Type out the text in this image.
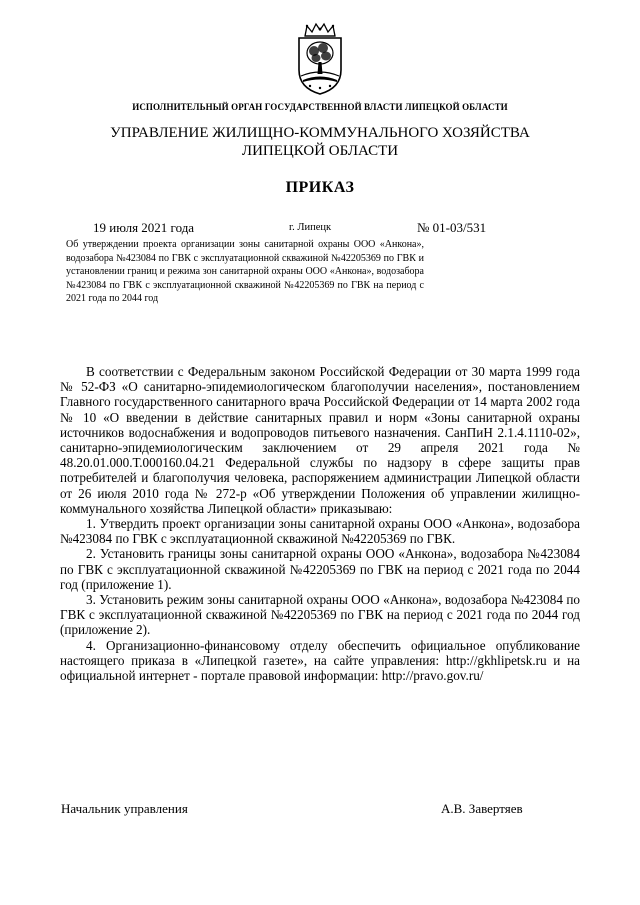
ИСПОЛНИТЕЛЬНЫЙ ОРГАН ГОСУДАРСТВЕННОЙ ВЛАСТИ ЛИПЕЦКОЙ ОБЛАСТИ
УПРАВЛЕНИЕ ЖИЛИЩНО-КОММУНАЛЬНОГО ХОЗЯЙСТВА
ЛИПЕЦКОЙ ОБЛАСТИ
ПРИКАЗ
19 июля 2021 года	г. Липецк	№ 01-03/531
Об утверждении проекта организации зоны санитарной охраны ООО «Анкона», водозабора №423084 по ГВК с эксплуатационной скважиной №42205369 по ГВК и установлении границ и режима зон санитарной охраны ООО «Анкона», водозабора №423084 по ГВК с эксплуатационной скважиной №42205369 по ГВК на период с 2021 года по 2044 год

В соответствии с Федеральным законом Российской Федерации от 30 марта 1999 года № 52-ФЗ «О санитарно-эпидемиологическом благополучии населения», постановлением Главного государственного санитарного врача Российской Федерации от 14 марта 2002 года № 10 «О введении в действие санитарных правил и норм «Зоны санитарной охраны источников водоснабжения и водопроводов питьевого назначения. СанПиН 2.1.4.1110-02», санитарно-эпидемиологическим заключением от 29 апреля 2021 года № 48.20.01.000.Т.000160.04.21 Федеральной службы по надзору в сфере защиты прав потребителей и благополучия человека, распоряжением администрации Липецкой области от 26 июля 2010 года № 272-р «Об утверждении Положения об управлении жилищно-коммунального хозяйства Липецкой области» приказываю:

1. Утвердить проект организации зоны санитарной охраны ООО «Анкона», водозабора №423084 по ГВК с эксплуатационной скважиной №42205369 по ГВК.

2. Установить границы зоны санитарной охраны ООО «Анкона», водозабора №423084 по ГВК с эксплуатационной скважиной №42205369 по ГВК на период с 2021 года по 2044 год (приложение 1).

3. Установить режим зоны санитарной охраны ООО «Анкона», водозабора №423084 по ГВК с эксплуатационной скважиной №42205369 по ГВК на период с 2021 года по 2044 год (приложение 2).

4. Организационно-финансовому отделу обеспечить официальное опубликование настоящего приказа в «Липецкой газете», на сайте управления: http://gkhlipetsk.ru и на официальной интернет - портале правовой информации: http://pravo.gov.ru/

Начальник управления	А.В. Завертяев
